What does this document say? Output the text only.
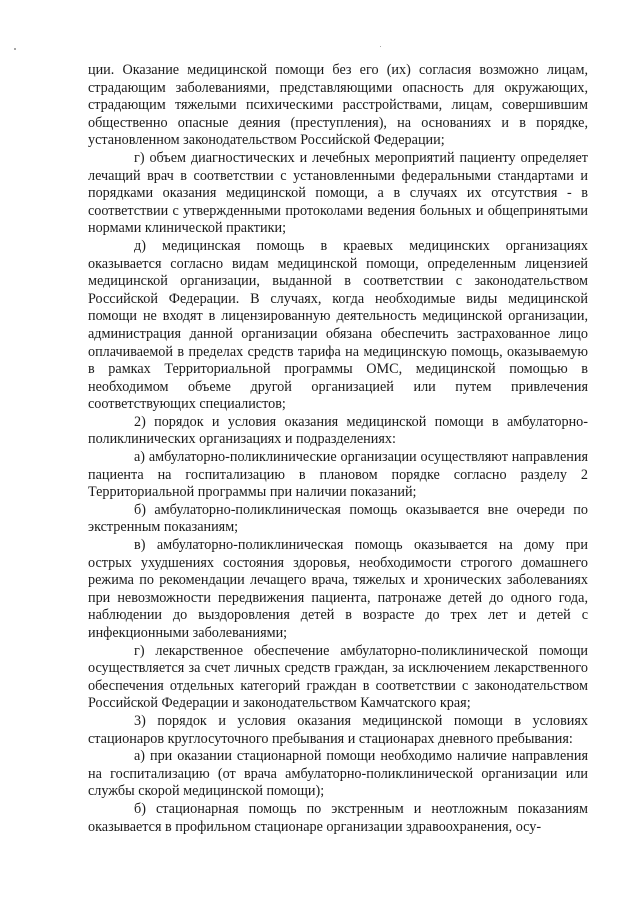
ции. Оказание медицинской помощи без его (их) согласия возможно лицам, страдающим заболеваниями, представляющими опасность для окружающих, страдающим тяжелыми психическими расстройствами, лицам, совершившим общественно опасные деяния (преступления), на основаниях и в порядке, установленном законодательством Российской Федерации;

г) объем диагностических и лечебных мероприятий пациенту определяет лечащий врач в соответствии с установленными федеральными стандартами и порядками оказания медицинской помощи, а в случаях их отсутствия - в соответствии с утвержденными протоколами ведения больных и общепринятыми нормами клинической практики;

д) медицинская помощь в краевых медицинских организациях оказывается согласно видам медицинской помощи, определенным лицензией медицинской организации, выданной в соответствии с законодательством Российской Федерации. В случаях, когда необходимые виды медицинской помощи не входят в лицензированную деятельность медицинской организации, администрация данной организации обязана обеспечить застрахованное лицо оплачиваемой в пределах средств тарифа на медицинскую помощь, оказываемую в рамках Территориальной программы ОМС, медицинской помощью в необходимом объеме другой организацией или путем привлечения соответствующих специалистов;

2) порядок и условия оказания медицинской помощи в амбулаторно-поликлинических организациях и подразделениях:

а) амбулаторно-поликлинические организации осуществляют направления пациента на госпитализацию в плановом порядке согласно разделу 2 Территориальной программы при наличии показаний;

б) амбулаторно-поликлиническая помощь оказывается вне очереди по экстренным показаниям;

в) амбулаторно-поликлиническая помощь оказывается на дому при острых ухудшениях состояния здоровья, необходимости строгого домашнего режима по рекомендации лечащего врача, тяжелых и хронических заболеваниях при невозможности передвижения пациента, патронаже детей до одного года, наблюдении до выздоровления детей в возрасте до трех лет и детей с инфекционными заболеваниями;

г) лекарственное обеспечение амбулаторно-поликлинической помощи осуществляется за счет личных средств граждан, за исключением лекарственного обеспечения отдельных категорий граждан в соответствии с законодательством Российской Федерации и законодательством Камчатского края;

3) порядок и условия оказания медицинской помощи в условиях стационаров круглосуточного пребывания и стационарах дневного пребывания:

а) при оказании стационарной помощи необходимо наличие направления на госпитализацию (от врача амбулаторно-поликлинической организации или службы скорой медицинской помощи);

б) стационарная помощь по экстренным и неотложным показаниям оказывается в профильном стационаре организации здравоохранения, осу-
